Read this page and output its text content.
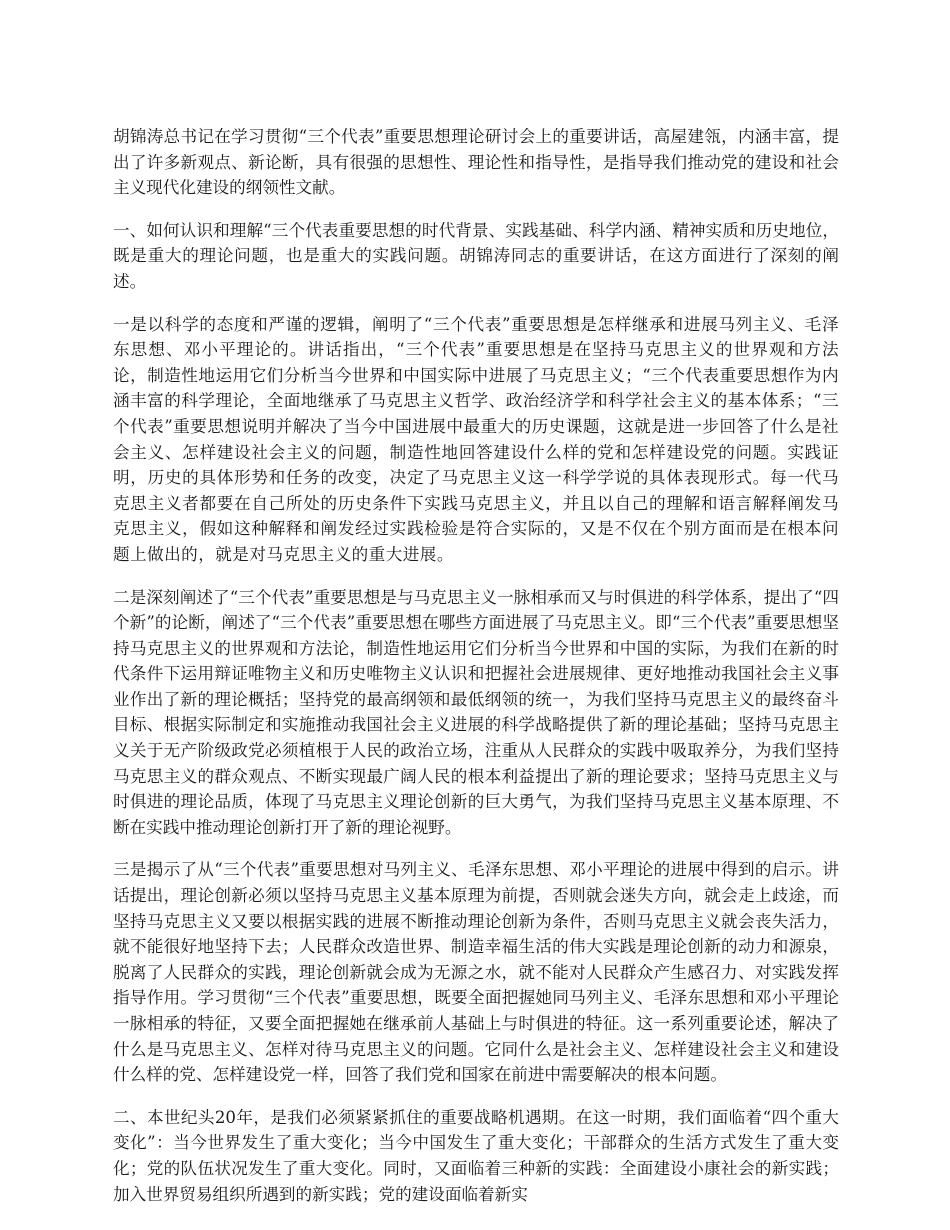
胡锦涛总书记在学习贯彻“三个代表”重要思想理论研讨会上的重要讲话，高屋建瓴，内涵丰富，提出了许多新观点、新论断，具有很强的思想性、理论性和指导性，是指导我们推动党的建设和社会主义现代化建设的纲领性文献。

一、如何认识和理解“三个代表重要思想的时代背景、实践基础、科学内涵、精神实质和历史地位，既是重大的理论问题，也是重大的实践问题。胡锦涛同志的重要讲话，在这方面进行了深刻的阐述。

一是以科学的态度和严谨的逻辑，阐明了“三个代表”重要思想是怎样继承和进展马列主义、毛泽东思想、邓小平理论的。讲话指出，“三个代表”重要思想是在坚持马克思主义的世界观和方法论，制造性地运用它们分析当今世界和中国实际中进展了马克思主义；“三个代表重要思想作为内涵丰富的科学理论，全面地继承了马克思主义哲学、政治经济学和科学社会主义的基本体系；“三个代表”重要思想说明并解决了当今中国进展中最重大的历史课题，这就是进一步回答了什么是社会主义、怎样建设社会主义的问题，制造性地回答建设什么样的党和怎样建设党的问题。实践证明，历史的具体形势和任务的改变，决定了马克思主义这一科学学说的具体表现形式。每一代马克思主义者都要在自己所处的历史条件下实践马克思主义，并且以自己的理解和语言解释阐发马克思主义，假如这种解释和阐发经过实践检验是符合实际的，又是不仅在个别方面而是在根本问题上做出的，就是对马克思主义的重大进展。

二是深刻阐述了“三个代表”重要思想是与马克思主义一脉相承而又与时俱进的科学体系，提出了“四个新”的论断，阐述了“三个代表”重要思想在哪些方面进展了马克思主义。即“三个代表”重要思想坚持马克思主义的世界观和方法论，制造性地运用它们分析当今世界和中国的实际，为我们在新的时代条件下运用辩证唯物主义和历史唯物主义认识和把握社会进展规律、更好地推动我国社会主义事业作出了新的理论概括；坚持党的最高纲领和最低纲领的统一，为我们坚持马克思主义的最终奋斗目标、根据实际制定和实施推动我国社会主义进展的科学战略提供了新的理论基础；坚持马克思主义关于无产阶级政党必须植根于人民的政治立场，注重从人民群众的实践中吸取养分，为我们坚持马克思主义的群众观点、不断实现最广阔人民的根本利益提出了新的理论要求；坚持马克思主义与时俱进的理论品质，体现了马克思主义理论创新的巨大勇气，为我们坚持马克思主义基本原理、不断在实践中推动理论创新打开了新的理论视野。

三是揭示了从“三个代表”重要思想对马列主义、毛泽东思想、邓小平理论的进展中得到的启示。讲话提出，理论创新必须以坚持马克思主义基本原理为前提，否则就会迷失方向，就会走上歧途，而坚持马克思主义又要以根据实践的进展不断推动理论创新为条件，否则马克思主义就会丧失活力，就不能很好地坚持下去；人民群众改造世界、制造幸福生活的伟大实践是理论创新的动力和源泉，脱离了人民群众的实践，理论创新就会成为无源之水，就不能对人民群众产生感召力、对实践发挥指导作用。学习贯彻“三个代表”重要思想，既要全面把握她同马列主义、毛泽东思想和邓小平理论一脉相承的特征，又要全面把握她在继承前人基础上与时俱进的特征。这一系列重要论述，解决了什么是马克思主义、怎样对待马克思主义的问题。它同什么是社会主义、怎样建设社会主义和建设什么样的党、怎样建设党一样，回答了我们党和国家在前进中需要解决的根本问题。

二、本世纪头20年，是我们必须紧紧抓住的重要战略机遇期。在这一时期，我们面临着“四个重大变化”：当今世界发生了重大变化；当今中国发生了重大变化；干部群众的生活方式发生了重大变化；党的队伍状况发生了重大变化。同时，又面临着三种新的实践：全面建设小康社会的新实践；加入世界贸易组织所遇到的新实践；党的建设面临着新实
